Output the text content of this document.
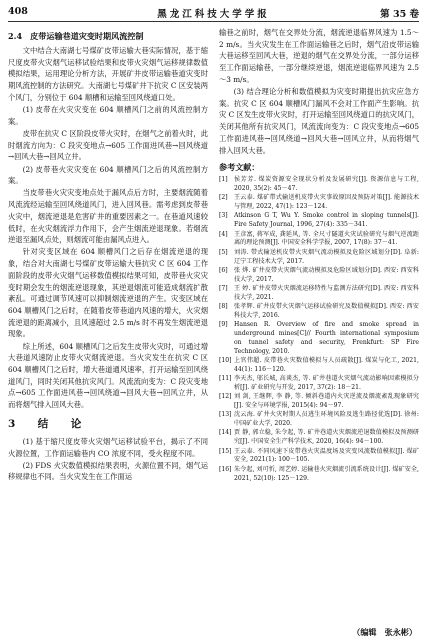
408	黑龙江科技大学学报	第 35 卷
2.4　皮带运输巷道灾变时期风流控制

文中结合大南湖七号煤矿皮带运输大巷实际情况，基于缩尺度皮带火灾烟气运移试验结果和皮带火灾烟气运移规律数值模拟结果，运用理论分析方法，开展矿井皮带运输巷道灾变时期风流控制的方法研究。大南湖七号煤矿井下抗灾 C 区安装两个风门，分别位于 604 顺槽和运输至回风绕道口处。

(1) 皮带在火灾灾变在 604 顺槽风门之前的风流控制方案。

皮带在抗灾 C 区阶段皮带火灾时，在烟气之前着火时，此时烟流方向为：C 段灾变地点→605 工作面进风巷→回风绕道→回风大巷→回风立井。

(2) 皮带巷火灾灾变在 604 顺槽风门之后的风流控制方案。

当皮带巷火灾灾变地点处于漏风点后方时，主要烟流随着风流流经运输至回风绕道风门，进入回风巷。需考虑到皮带巷火灾中，烟流逆退是危害矿井的重要因素之一。在巷道风速较低时，在火灾烟流浮力作用下，会产生烟流逆退现象。若烟流逆退至漏风点处，则烟流可能由漏风点进入。

针对灾变区域在 604 顺槽风门之后存在烟流逆退的现象，结合对大南湖七号煤矿皮带运输大巷抗灾 C 区 604 工作面阶段的皮带火灾烟气运移数值模拟结果可知，皮带巷火灾灾变时期会发生的烟流逆退现象，其逆退烟流可能造成烟流扩散紊乱。可通过调节风速可以抑制烟流逆退的产生。灾变区域在 604 顺槽风门之后时，在随着皮带巷道内风速的增大，火灾烟流逆退的距离减小，且风速超过 2.5 m/s 时不再发生烟流逆退现象。

综上所述，604 顺槽风门之后发生皮带火灾时，可通过增大巷道风速防止皮带火灾烟流逆退。当火灾发生在抗灾 C 区 604 顺槽风门之后时，增大巷道通风速率，打开运输至回风绕道风门，同时关闭其他抗灾风门。风流流向变为：C 段灾变地点→605 工作面进风巷→回风绕道→回风大巷→回风立井，从而将烟气排入回风大巷。

3　结　论

(1) 基于缩尺度皮带火灾烟气运移试验平台，揭示了不同火源位置，工作面运输巷内 CO 浓度不同，受火程度不同。

(2) FDS 火灾数值模拟结果表明，火源位置不同，烟气运移规律也不同。当火灾发生在工作面运

输巷之前时，烟气在交界处分流，烟流逆退临界风速为 1.5～2 m/s。当火灾发生在工作面运输巷之后时，烟气沿皮带运输大巷运移至回风大巷，逆退的烟气在交界处分流，一部分运移至工作面运输巷，一部分继续逆退，烟流逆退临界风速为 2.5～3 m/s。

(3) 结合理论分析和数值模拟为灾变时期提出抗灾应急方案。抗灾 C 区 604 顺槽风门漏风不会对工作面产生影响。抗灾 C 区发生皮带火灾时，打开运输至回风绕道口的抗灾风门，关闭其他所有抗灾风门，风流流向变为：C 段灾变地点→605 工作面进风巷→回风绕道→回风大巷→回风立井，从而将烟气排入回风大巷。

参考文献：
[1]	侯芳芳. 煤炭资源安全现状分析及发展研究[J]. 资源信息与工程, 2020, 35(2): 45－47.
[2]	王云泰. 煤矿带式输送机皮带火灾事故原因及预防对策[J]. 能源技术与管理, 2022, 47(1): 123－124.
[3]	Atkinson G T, Wu Y. Smoke control in sloping tunnels[J]. Fire Safety Journal, 1996, 27(4): 335－341.
[4]	王彦富, 蒋军成, 龚延风, 等. 全尺寸隧道火灾试验研究与烟气逆流距离的理论预测[J]. 中国安全科学学报, 2007, 17(8): 37－41.
[5]	刘涛. 带式输送机皮带火灾烟气流动模拟及危险区域划分[D]. 阜新: 辽宁工程技术大学, 2017.
[6]	张 烨. 矿井皮带火灾烟气流动模拟及危险区域划分[D]. 西安: 西安科技大学, 2017.
[7]	王 婷. 矿井皮带火灾烟流运移特性与监测方法研究[D]. 西安: 西安科技大学, 2021.
[8]	张孝辉. 矿井皮带火灾烟气运移试验研究及数值模拟[D]. 西安: 西安科技大学, 2016.
[9]	Hansen R. Overview of fire and smoke spread in underground mines[C]// Fourth international symposium on tunnel safety and security, Frenkfurt: SP Fire Technology, 2010.
[10] 上官伟超. 皮带巷火灾数值模拟与人员疏散[J]. 煤炭与化工, 2021, 44(1): 116－120.
[11] 李天杰, 邬长城, 高谈杰, 等. 矿井巷道火灾烟气流动影响因素模拟分析[J]. 矿业研究与开发, 2017, 37(2): 18－21.
[12] 刘 剑, 王继辉, 李 静, 等. 倾斜巷道内火灾逆流及烟流紊乱现象研究[J]. 安全与环境学报, 2015(4): 94－97.
[13] 沈云海. 矿井火灾时期人员逃生环境风险及逃生路径优选[D]. 徐州: 中国矿业大学, 2020.
[14] 贾 静, 郭立稳, 朱令起, 等. 矿井巷道火灾烟流逆退数值模拟及预测研究[J]. 中国安全生产科学技术, 2020, 16(4): 94－100.
[15] 王云泰. 不同风速下皮带巷火灾温度场及灾变风流数值模拟[J]. 煤矿安全, 2021(1): 100－105.
[16] 朱令起, 刘可忻, 周艺婷. 运输巷火灾烟流引流系统设计[J]. 煤矿安全, 2021, 52(10): 125－129.
（编辑　张永彬）
